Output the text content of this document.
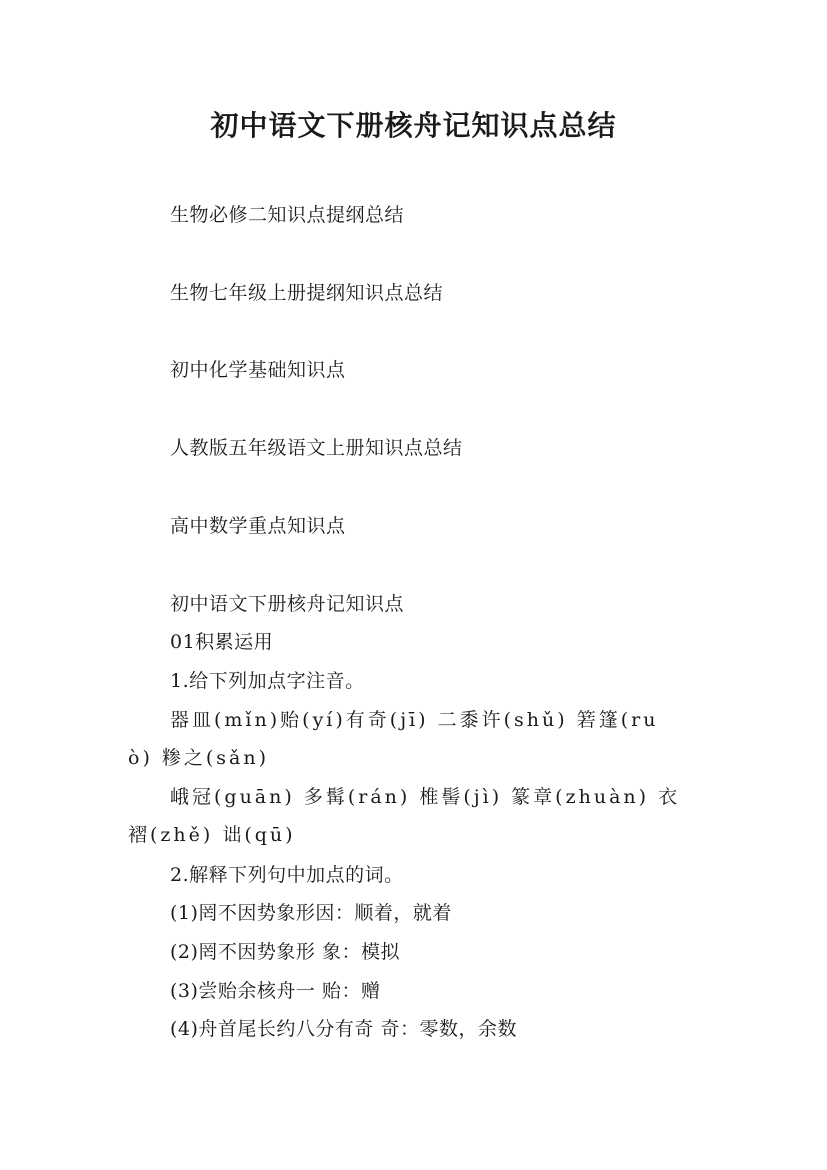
初中语文下册核舟记知识点总结
生物必修二知识点提纲总结
生物七年级上册提纲知识点总结
初中化学基础知识点
人教版五年级语文上册知识点总结
高中数学重点知识点
初中语文下册核舟记知识点
01积累运用
1.给下列加点字注音。
器皿(mǐn)贻(yí)有奇(jī) 二黍许(shǔ) 箬篷(ru
ò) 糁之(sǎn)
峨冠(guān) 多髯(rán) 椎髻(jì) 篆章(zhuàn) 衣
褶(zhě) 诎(qū)
2.解释下列句中加点的词。
(1)罔不因势象形因：顺着，就着
(2)罔不因势象形 象：模拟
(3)尝贻余核舟一 贻：赠
(4)舟首尾长约八分有奇 奇：零数，余数
